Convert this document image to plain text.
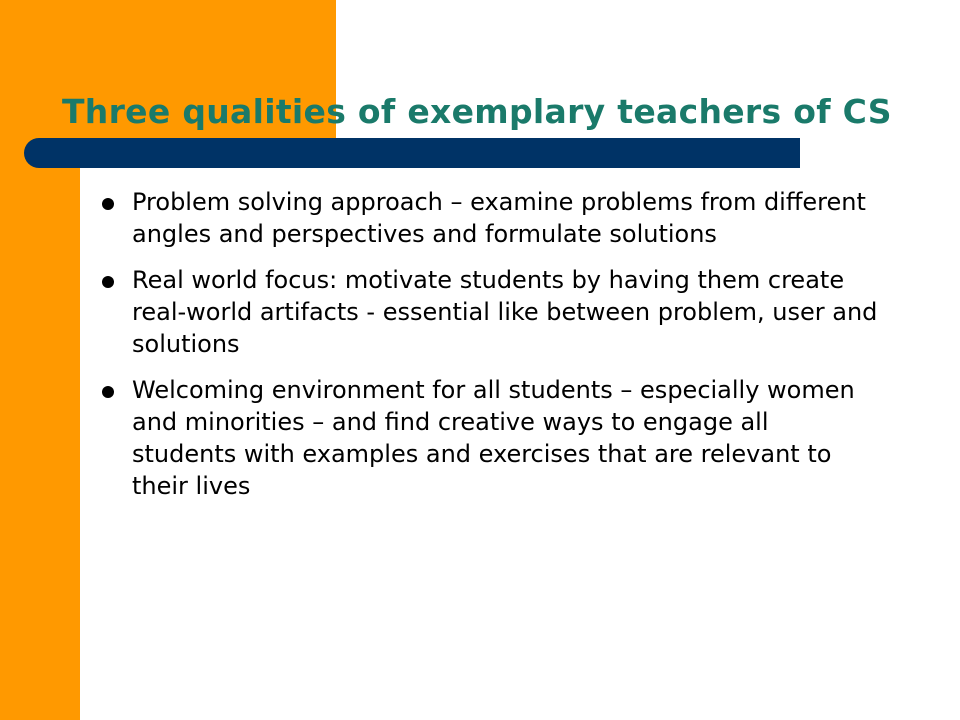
Three qualities of exemplary teachers of CS
Problem solving approach – examine problems from different angles and perspectives and formulate solutions
Real world focus: motivate students by having them create real-world artifacts - essential like between problem, user and solutions
Welcoming environment for all students – especially women and minorities – and find creative ways to engage all students with examples and exercises that are relevant to their lives
